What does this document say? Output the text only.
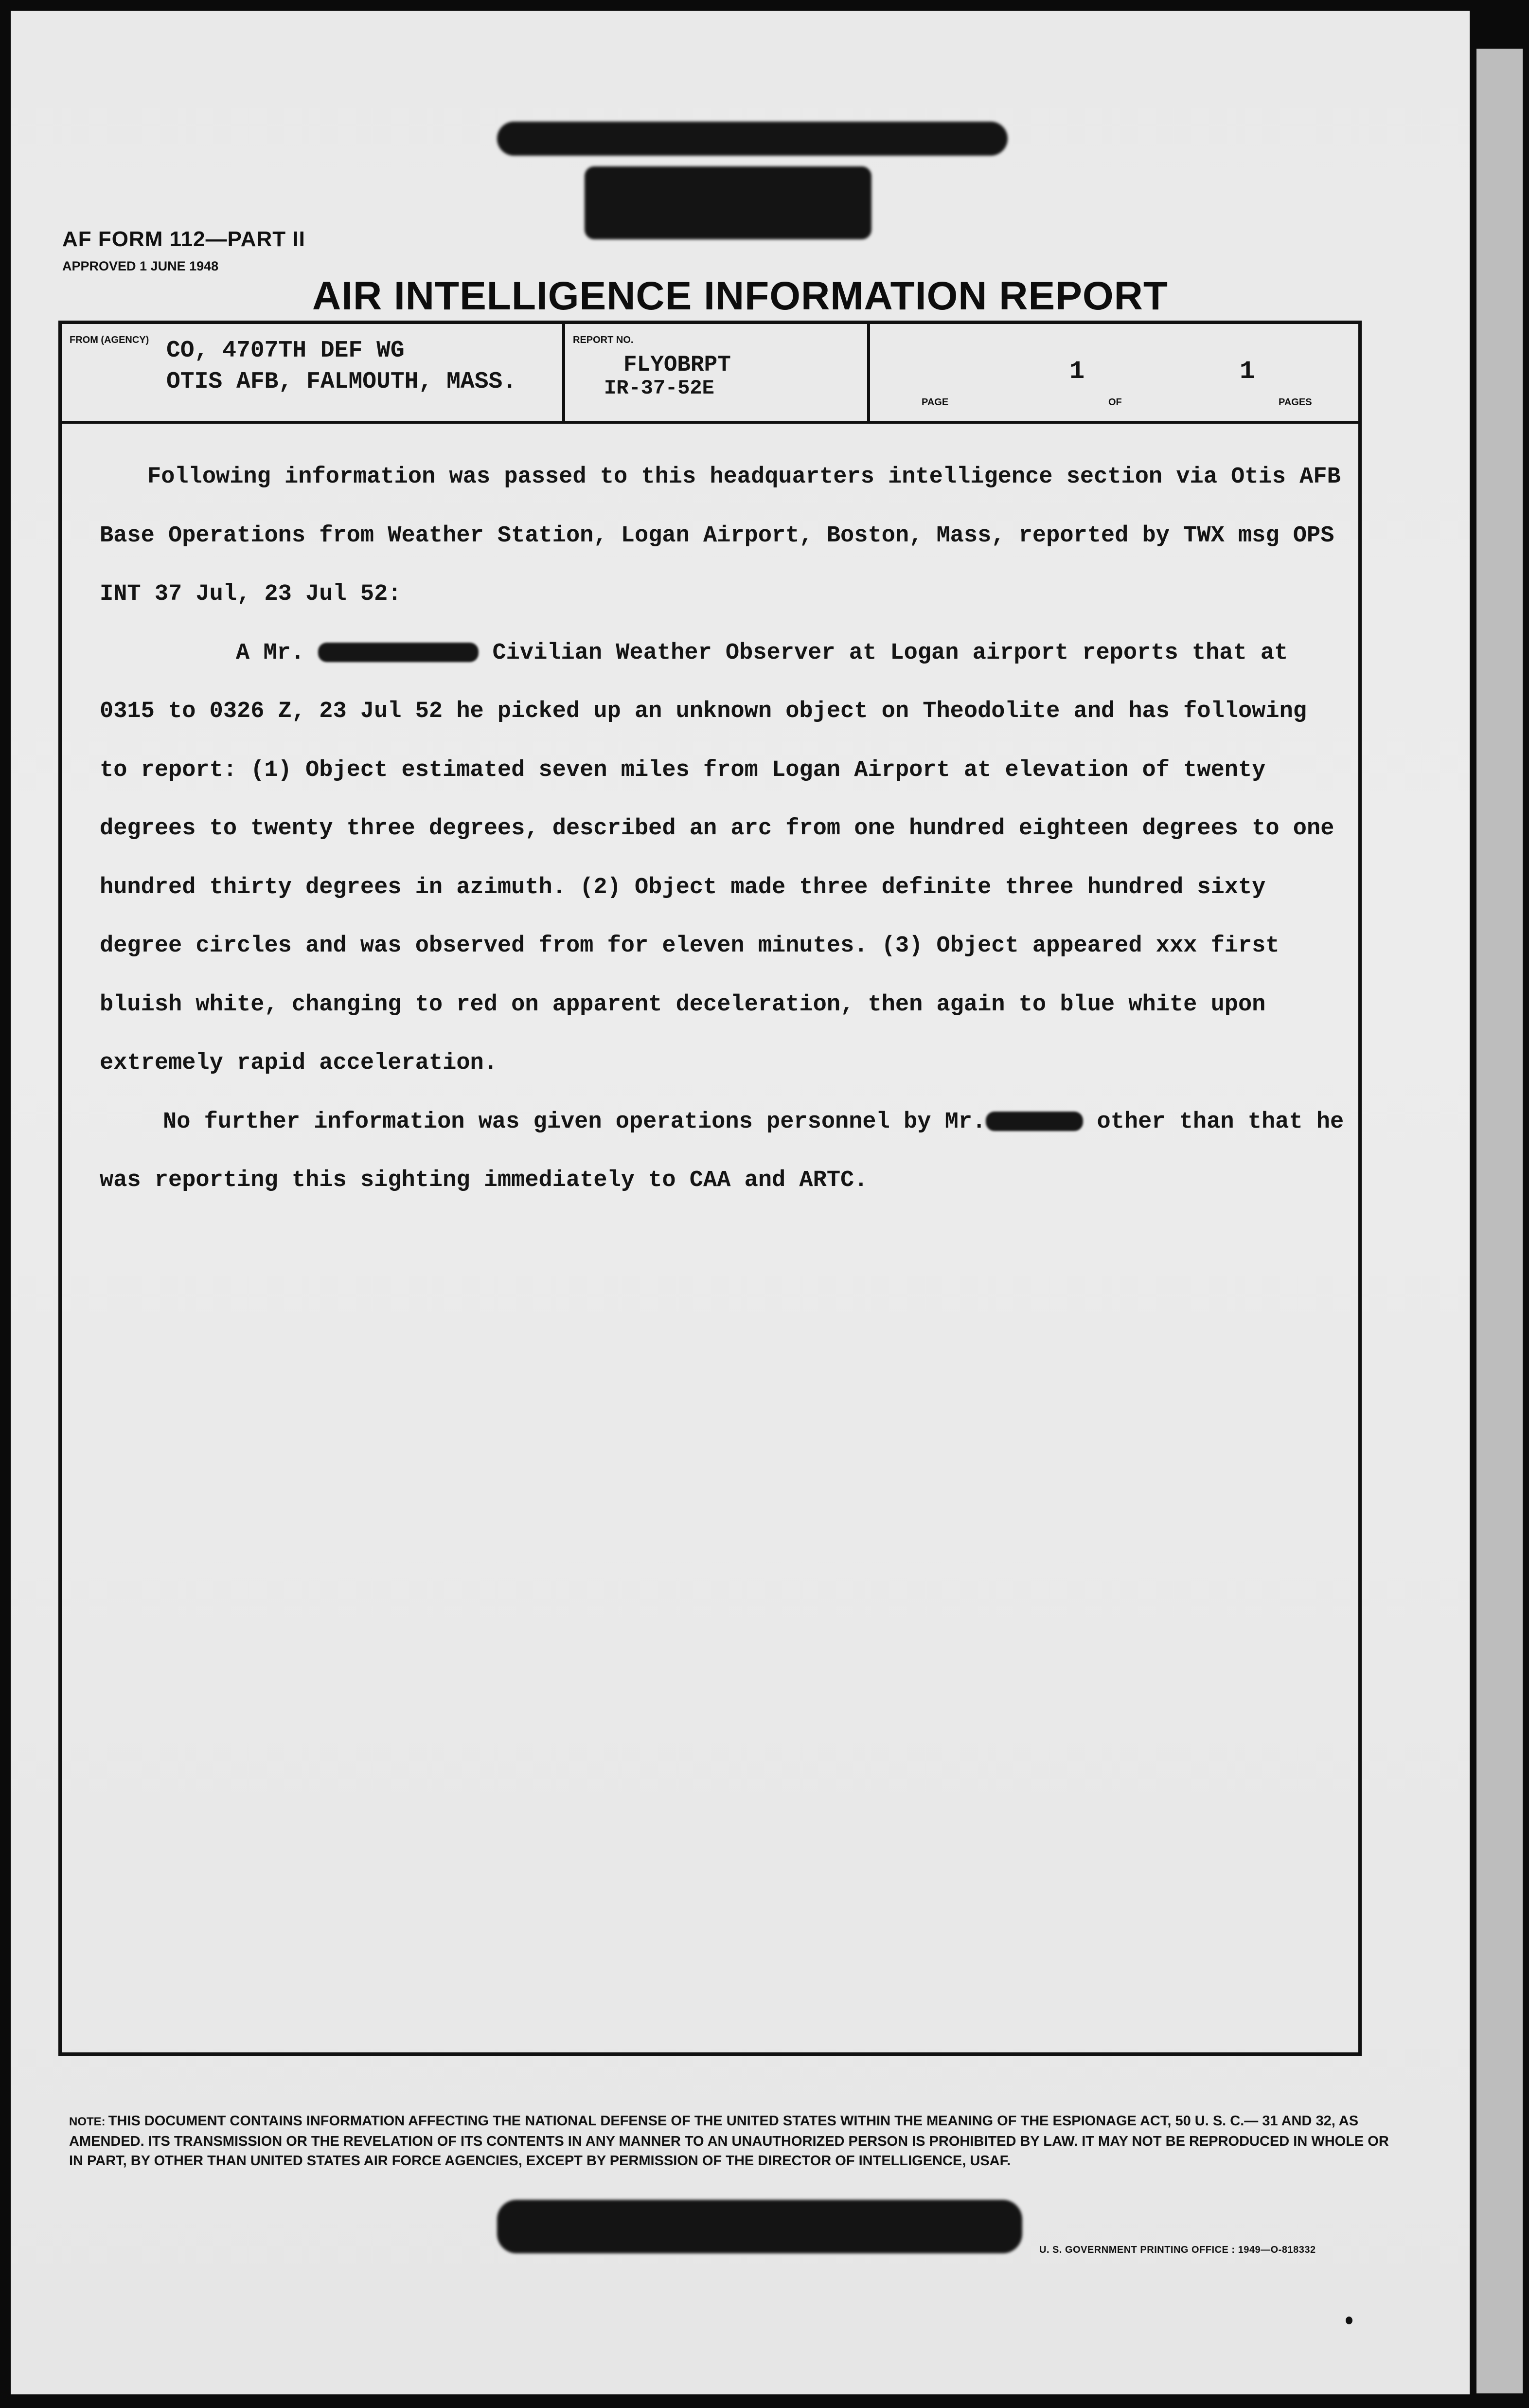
AF FORM 112—PART II
APPROVED 1 JUNE 1948
AIR INTELLIGENCE INFORMATION REPORT
FROM (AGENCY) CO, 4707TH DEF WG
OTIS AFB, FALMOUTH, MASS.
REPORT NO.
FLYOBRPT
IR-37-52E
PAGE
1
OF
1
PAGES

Following information was passed to this headquarters intelligence section via Otis AFB Base Operations from Weather Station, Logan Airport, Boston, Mass, reported by TWX msg OPS INT 37 Jul, 23 Jul 52:

A Mr.	Civilian Weather Observer at Logan airport reports that at 0315 to 0326 Z, 23 Jul 52 he picked up an unknown object on Theodolite and has following to report: (1) Object estimated seven miles from Logan Airport at elevation of twenty degrees to twenty three degrees, described an arc from one hundred eighteen degrees to one hundred thirty degrees in azimuth. (2) Object made three definite three hundred sixty degree circles and was observed from for eleven minutes. (3) Object appeared xxx first bluish white, changing to red on apparent deceleration, then again to blue white upon extremely rapid acceleration.

No further information was given operations personnel by Mr.	other than that he was reporting this sighting immediately to CAA and ARTC.

NOTE: THIS DOCUMENT CONTAINS INFORMATION AFFECTING THE NATIONAL DEFENSE OF THE UNITED STATES WITHIN THE MEANING OF THE ESPIONAGE ACT, 50 U. S. C.— 31 AND 32, AS AMENDED. ITS TRANSMISSION OR THE REVELATION OF ITS CONTENTS IN ANY MANNER TO AN UNAUTHORIZED PERSON IS PROHIBITED BY LAW. IT MAY NOT BE REPRODUCED IN WHOLE OR IN PART, BY OTHER THAN UNITED STATES AIR FORCE AGENCIES, EXCEPT BY PERMISSION OF THE DIRECTOR OF INTELLIGENCE, USAF.
U. S. GOVERNMENT PRINTING OFFICE : 1949—O-818332
